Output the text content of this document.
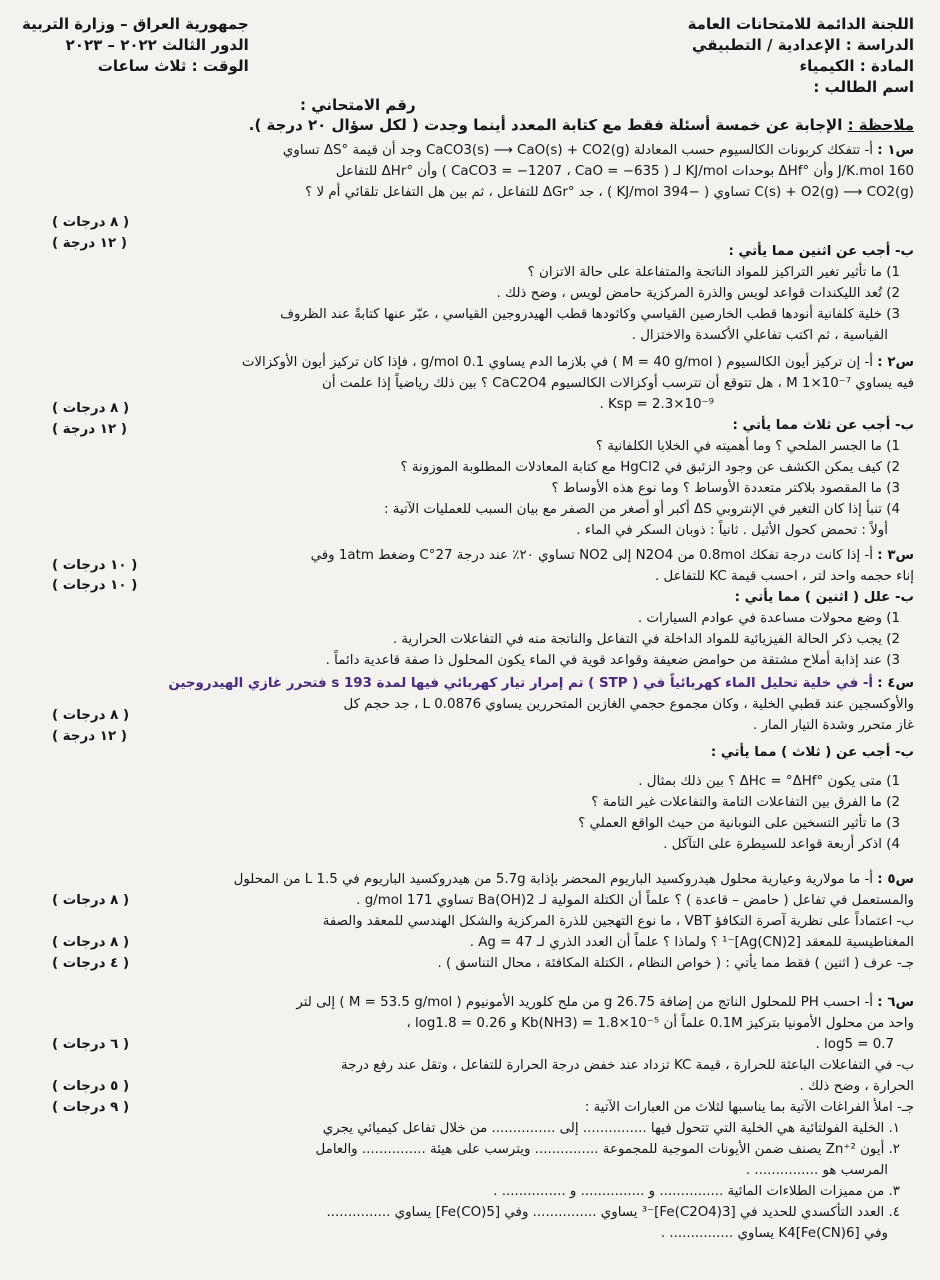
اللجنة الدائمة للامتحانات العامة
الدراسة : الإعدادية / التطبيقي
المادة : الكيمياء
اسم الطالب :
جمهورية العراق – وزارة التربية
الدور الثالث ٢٠٢٢ – ٢٠٢٣
الوقت : ثلاث ساعات
رقم الامتحاني :
ملاحظة : الإجابة عن خمسة أسئلة فقط مع كتابة المعدد أينما وجدت ( لكل سؤال ٢٠ درجة ).

س١ : أ- تتفكك كربونات الكالسيوم حسب المعادلة CaCO3(s) ⟶ CaO(s) + CO2(g) وجد أن قيمة °ΔS تساوي

160 J/K.mol وأن °ΔHf بوحدات KJ/mol لـ ( CaCO3 = −1207 ، CaO = −635 ) وأن °ΔHr للتفاعل

C(s) + O2(g) ⟶ CO2(g) تساوي ( −394 KJ/mol ) ، جد °ΔGr للتفاعل ، ثم بين هل التفاعل تلقائي أم لا ؟

( ٨ درجات )
( ١٢ درجة )

ب- أجب عن اثنين مما يأتي :

1) ما تأثير تغير التراكيز للمواد الناتجة والمتفاعلة على حالة الاتزان ؟

2) تُعد الليكندات قواعد لويس والذرة المركزية حامض لويس ، وضح ذلك .

3) خلية كلفانية أنودها قطب الخارصين القياسي وكاثودها قطب الهيدروجين القياسي ، عبّر عنها كتابةً عند الظروف

القياسية ، ثم اكتب تفاعلي الأكسدة والاختزال .

س٢ : أ- إن تركيز أيون الكالسيوم ( M = 40 g/mol ) في بلازما الدم يساوي 0.1 g/mol ، فإذا كان تركيز أيون الأوكزالات

فيه يساوي M 1×10⁻⁷ ، هل تتوقع أن تترسب أوكزالات الكالسيوم CaC2O4 ؟ بين ذلك رياضياً إذا علمت أن

Ksp = 2.3×10⁻⁹ .

( ٨ درجات )
( ١٢ درجة )	ب- أجب عن ثلاث مما يأتي :

1) ما الجسر الملحي ؟ وما أهميته في الخلايا الكلفانية ؟

2) كيف يمكن الكشف عن وجود الزئبق في HgCl2 مع كتابة المعادلات المطلوبة الموزونة ؟

3) ما المقصود بلاكتر متعددة الأوساط ؟ وما نوع هذه الأوساط ؟

4) تنبأ إذا كان التغير في الإنتروبي ΔS أكبر أو أصغر من الصفر مع بيان السبب للعمليات الآتية :

أولاً : تحمض كحول الأثيل . ثانياً : ذوبان السكر في الماء .

س٣ : أ- إذا كانت درجة تفكك 0.8mol من N2O4 إلى NO2 تساوي ٢٠٪ عند درجة 27°C وضغط 1atm وفي

إناء حجمه واحد لتر ، احسب قيمة KC للتفاعل .

( ١٠ درجات )
( ١٠ درجات )

ب- علل ( اثنين ) مما يأتي :

1) وضع محولات مساعدة في عوادم السيارات .

2) يجب ذكر الحالة الفيزيائية للمواد الداخلة في التفاعل والناتجة منه في التفاعلات الحرارية .

3) عند إذابة أملاح مشتقة من حوامض ضعيفة وقواعد قوية في الماء يكون المحلول ذا صفة قاعدية دائماً .

س٤ : أ- في خلية تحليل الماء كهربائياً في ( STP ) تم إمرار تيار كهربائي فيها لمدة 193 s فتحرر غازي الهيدروجين

والأوكسجين عند قطبي الخلية ، وكان مجموع حجمي الغازين المتحررين يساوي 0.0876 L ، جد حجم كل

غاز متحرر وشدة التيار المار .

( ٨ درجات )
( ١٢ درجة )

ب- أجب عن ( ثلاث ) مما يأتي :

1) متى يكون °ΔHc = °ΔHf ؟ بين ذلك بمثال .

2) ما الفرق بين التفاعلات التامة والتفاعلات غير التامة ؟

3) ما تأثير التسخين على النوبانية من حيث الواقع العملي ؟

4) اذكر أربعة قواعد للسيطرة على التآكل .

س٥ : أ- ما مولارية وعيارية محلول هيدروكسيد الباريوم المحضر بإذابة 5.7g من هيدروكسيد الباريوم في 1.5 L من المحلول

والمستعمل في تفاعل ( حامض – قاعدة ) ؟ علماً أن الكتلة المولية لـ Ba(OH)2 تساوي 171 g/mol .

ب- اعتماداً على نظرية آصرة التكافؤ VBT ، ما نوع التهجين للذرة المركزية والشكل الهندسي للمعقد والصفة

المغناطيسية للمعقد [Ag(CN)2]⁻¹ ؟ ولماذا ؟ علماً أن العدد الذري لـ Ag = 47 .

جـ- عرف ( اثنين ) فقط مما يأتي : ( خواص النظام ، الكتلة المكافئة ، محال التناسق ) .

( ٨ درجات )
( ٨ درجات )
( ٤ درجات )

س٦ : أ- احسب PH للمحلول الناتج من إضافة 26.75 g من ملح كلوريد الأمونيوم ( M = 53.5 g/mol ) إلى لتر

واحد من محلول الأمونيا بتركيز 0.1M علماً أن Kb(NH3) = 1.8×10⁻⁵ و log1.8 = 0.26 ،

log5 = 0.7 .

ب- في التفاعلات الباعثة للحرارة ، قيمة KC تزداد عند خفض درجة الحرارة للتفاعل ، وتقل عند رفع درجة

الحرارة ، وضح ذلك .

جـ- املأ الفراغات الآتية بما يناسبها لثلاث من العبارات الآتية :

( ٦ درجات )
( ٥ درجات )
( ٩ درجات )

١. الخلية الفولتائية هي الخلية التي تتحول فيها ............... إلى ............... من خلال تفاعل كيميائي يجري

٢. أيون Zn⁺² يصنف ضمن الأيونات الموجبة للمجموعة ............... ويترسب على هيئة ............... والعامل

المرسب هو ............... .

٣. من مميزات الطلاءات المائية ............... و ............... و ............... .

٤. العدد التأكسدي للحديد في [Fe(C2O4)3]⁻³ يساوي ............... وفي [Fe(CO)5] يساوي ...............

وفي K4[Fe(CN)6] يساوي ............... .
